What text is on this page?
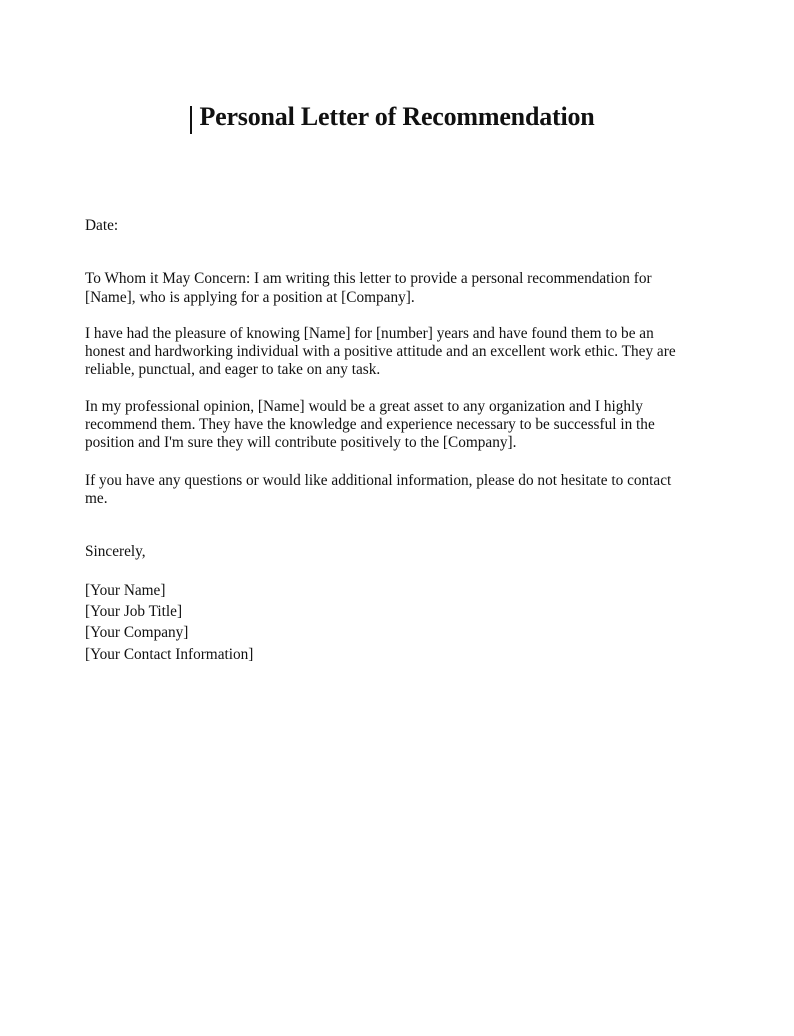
Personal Letter of Recommendation
Date:
To Whom it May Concern: I am writing this letter to provide a personal recommendation for
[Name], who is applying for a position at [Company].
I have had the pleasure of knowing [Name] for [number] years and have found them to be an
honest and hardworking individual with a positive attitude and an excellent work ethic. They are
reliable, punctual, and eager to take on any task.
In my professional opinion, [Name] would be a great asset to any organization and I highly
recommend them. They have the knowledge and experience necessary to be successful in the
position and I'm sure they will contribute positively to the [Company].
If you have any questions or would like additional information, please do not hesitate to contact
me.
Sincerely,
[Your Name]
[Your Job Title]
[Your Company]
[Your Contact Information]
